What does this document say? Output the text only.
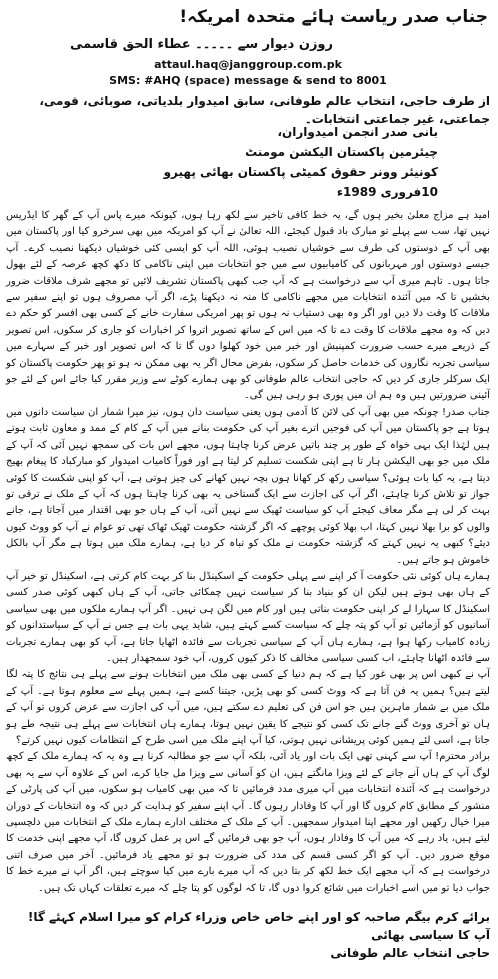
جناب صدر ریاست ہائے متحدہ امریکہ!
روزن دیوار سے ۔۔۔۔۔ عطاء الحق قاسمی
attaul.haq@janggroup.com.pk
SMS: #AHQ (space) message & send to 8001
از طرف حاجی، انتخاب عالم طوفانی، سابق امیدوار بلدیاتی، صوبائی، قومی، جماعتی، غیر جماعتی انتخابات۔
بانی صدر انجمن امیدواران،
چیئرمین پاکستان الیکشن مومنٹ
کونیئر وونر حقوق کمیٹی پاکستان بھائی پھیرو
10فروری 1989ء

امید ہے مزاج معلیٰ بخیر ہوں گے، یہ خط کافی تاخیر سے لکھ رہا ہوں، کیونکہ میرے پاس آپ کے گھر کا ایڈریس نہیں تھا، سب سے پہلے تو مبارک باد قبول کیجئے، اللہ تعالیٰ نے آپ کو امریکہ میں بھی سرخرو کیا اور پاکستان میں بھی آپ کے دوستوں کی طرف سے خوشیاں نصیب ہوئی، اللہ آپ کو ایسی کئی خوشیاں دیکھنا نصیب کرے۔ آپ جیسے دوستوں اور مہربانوں کی کامیابیوں سے میں جو انتخابات میں اپنی ناکامی کا دکھ کچھ عرصہ کے لئے بھول جاتا ہوں۔ تاہم میری آپ سے درخواست ہے کہ آپ جب کبھی پاکستان تشریف لائیں تو مجھے شرف ملاقات ضرور بخشیں تا کہ میں آئندہ انتخابات میں مجھے ناکامی کا منہ نہ دیکھنا پڑے، اگر آپ مصروف ہوں تو اپنے سفیر سے ملاقات کا وقت دلا دیں اور اگر وہ بھی دستیاب نہ ہوں تو پھر امریکی سفارت خانے کے کسی بھی افسر کو حکم دے دیں کہ وہ مجھے ملاقات کا وقت دے تا کہ میں اس کے ساتھ تصویر اتروا کر اخبارات کو جاری کر سکوں، اس تصویر کے ذریعے میرے حسب ضرورت کمپنیش اور خبر میں خود کھلوا دوں گا تا کہ اس تصویر اور خبر کے سہارے میں سیاسی تجربہ نگاروں کی خدمات حاصل کر سکوں، بفرض محال اگر یہ بھی ممکن نہ ہو تو پھر حکومت پاکستان کو ایک سرکلر جاری کر دیں کہ حاجی انتخاب عالم طوفانی کو بھی ہمارے کوٹے سے وزیر مقرر کیا جائے اس کے لئے جو آئینی ضرورتیں ہیں وہ ہم ان میں پوری ہو رہی ہیں گی۔

جناب صدر! چونکہ میں بھی آپ کی لائن کا آدمی ہوں یعنی سیاست دان ہوں، نیز میرا شمار ان سیاست دانوں میں ہوتا ہے جو پاکستان میں آپ کی فوجیں اترے بغیر آپ کی حکومت بنانے میں آپ کے کام کے ممد و معاون ثابت ہوتے ہیں لہٰذا ایک بہی خواہ کے طور پر چند باتیں عرض کرنا چاہتا ہوں، مجھے اس بات کی سمجھ نہیں آئی کہ آپ کے ملک میں جو بھی الیکشن ہار تا ہے اپنی شکست تسلیم کر لیتا ہے اور فوراً کامیاب امیدوار کو مبارکباد کا پیغام بھیج دیتا ہے، یہ کیا بات ہوئی؟ سیاسی رکھ کر کھانا ہوں بچہ نہیں کھانے کی چیز ہوتی ہے، آپ کو اپنی شکست کا کوئی جواز تو تلاش کرنا چاہئے، اگر آپ کی اجازت سے ایک گستاخی یہ بھی کرنا چاہتا ہوں کہ آپ کے ملک نے ترقی تو بہت کر لی ہے مگر معاف کیجئے آپ کو سیاست ٹھیک سے نہیں آتی، آپ کے ہاں جو بھی اقتدار میں آجاتا ہے، جانے والوں کو برا بھلا نہیں کہتا، اب بھلا کوئی پوچھے کہ اگر گزشتہ حکومت ٹھیک ٹھاک تھی تو عوام نے آپ کو ووٹ کیوں دیئے؟ کبھی یہ نہیں کہتے کہ گزشتہ حکومت نے ملک کو تباہ کر دیا ہے، ہمارے ملک میں ہوتا ہے مگر آپ بالکل خاموش ہو جاتے ہیں۔

ہمارے ہاں کوئی نئی حکومت آ کر اپنے سے پہلی حکومت کے اسکینڈل بنا کر بہت کام کرتی ہے، اسکینڈل تو خیر آپ کے ہاں بھی ہوتے ہیں لیکن ان کو بنیاد بنا کر سیاست نہیں چمکائی جاتی، آپ کے ہاں کبھی کوئی صدر کسی اسکینڈل کا سہارا لے کر اپنی حکومت بناتی ہیں اور کام میں لگن ہی نہیں۔ اگر آپ ہمارے ملکوں میں بھی سیاسی آسانیوں کو آزمائیں تو آپ کو پتہ چلے کہ سیاست کسے کہتے ہیں، شاید یہی بات ہے جس نے آپ کے سیاستدانوں کو زیادہ کامیاب رکھا ہوا ہے، ہمارے ہاں آپ کے سیاسی تجربات سے فائدہ اٹھایا جاتا ہے، آپ کو بھی ہمارے تجربات سے فائدہ اٹھانا چاہئے، اب کسی سیاسی مخالف کا ذکر کیوں کروں، آپ خود سمجھدار ہیں۔

آپ نے کبھی اس پر بھی غور کیا ہے کہ ہم دنیا کے کسی بھی ملک میں انتخابات ہونے سے پہلے ہی نتائج کا پتہ لگا لیتے ہیں؟ ہمیں یہ فن آتا ہے کہ ووٹ کسی کو بھی پڑیں، جیتنا کسے ہے، ہمیں پہلے سے معلوم ہوتا ہے۔ آپ کے ملک میں بے شمار ماہرین ہیں جو اس فن کی تعلیم دے سکتے ہیں، میں آپ کی اجازت سے عرض کروں تو آپ کے ہاں تو آخری ووٹ گنے جانے تک کسی کو نتیجے کا یقین نہیں ہوتا، ہمارے ہاں انتخابات سے پہلے ہی نتیجہ طے ہو جاتا ہے، اسی لئے ہمیں کوئی پریشانی نہیں ہوتی، کیا آپ اپنے ملک میں اسی طرح کے انتظامات کیوں نہیں کرتے؟

برادر محترم! آپ سے کہنی تھی ایک بات اور یاد آئی، بلکہ آپ سے جو مطالبہ کرنا ہے وہ یہ کہ ہمارے ملک کے کچھ لوگ آپ کے ہاں آنے جانے کے لئے ویزا مانگتے ہیں، ان کو آسانی سے ویزا مل جایا کرے، اس کے علاوہ آپ سے یہ بھی درخواست ہے کہ آئندہ انتخابات میں آپ میری مدد فرمائیں تا کہ میں بھی کامیاب ہو سکوں، میں آپ کی پارٹی کے منشور کے مطابق کام کروں گا اور آپ کا وفادار رہوں گا۔ آپ اپنے سفیر کو ہدایت کر دیں کہ وہ انتخابات کے دوران میرا خیال رکھیں اور مجھے اپنا امیدوار سمجھیں۔ آپ کے ملک کے مختلف ادارے ہمارے ملک کے انتخابات میں دلچسپی لیتے ہیں، یاد رہے کہ میں آپ کا وفادار ہوں، آپ جو بھی فرمائیں گے اس پر عمل کروں گا، آپ مجھے اپنی خدمت کا موقع ضرور دیں۔ آپ کو اگر کسی قسم کی مدد کی ضرورت ہو تو مجھے یاد فرمائیں۔ آخر میں صرف اتنی درخواست ہے کہ آپ مجھے ایک خط لکھ کر بتا دیں کہ آپ میرے بارے میں کیا سوچتے ہیں، اگر آپ نے میرے خط کا جواب دیا تو میں اسے اخبارات میں شائع کروا دوں گا، تا کہ لوگوں کو پتا چلے کہ میرے تعلقات کہاں تک ہیں۔

برائے کرم بیگم صاحبہ کو اور اپنے خاص خاص وزراء کرام کو میرا اسلام کہئے گا!
آپ کا سیاسی بھائی
حاجی انتخاب عالم طوفانی
